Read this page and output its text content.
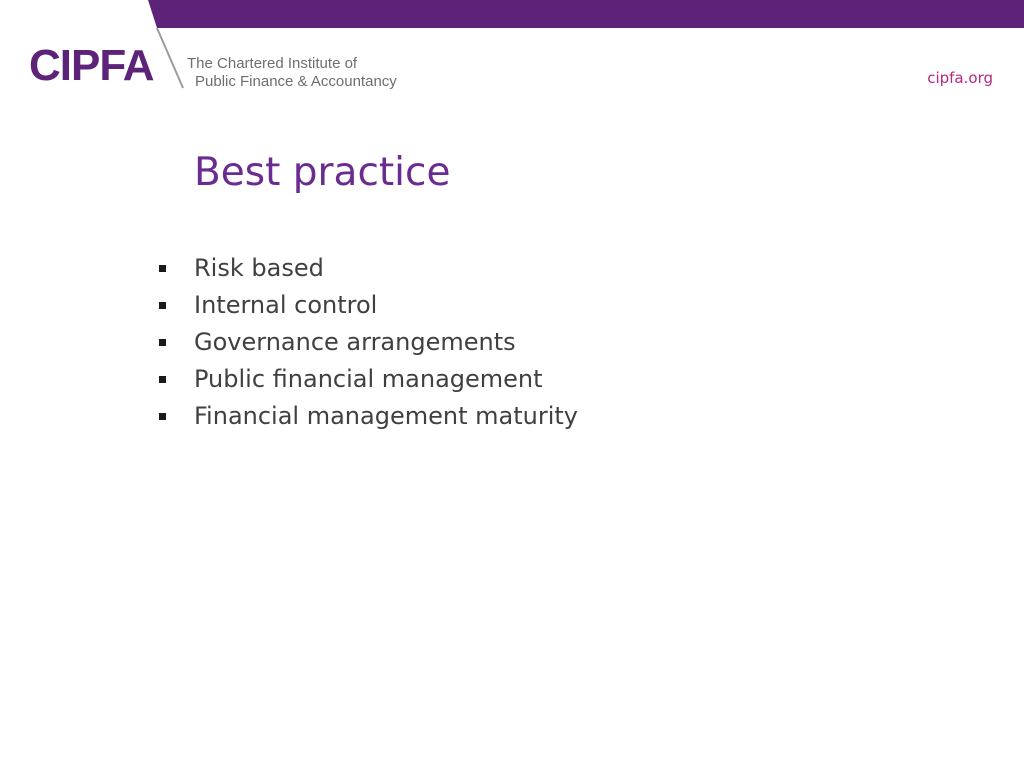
CIPFA The Chartered Institute of
Public Finance & Accountancy	cipfa.org
Best practice
Risk based
Internal control
Governance arrangements
Public financial management
Financial management maturity
